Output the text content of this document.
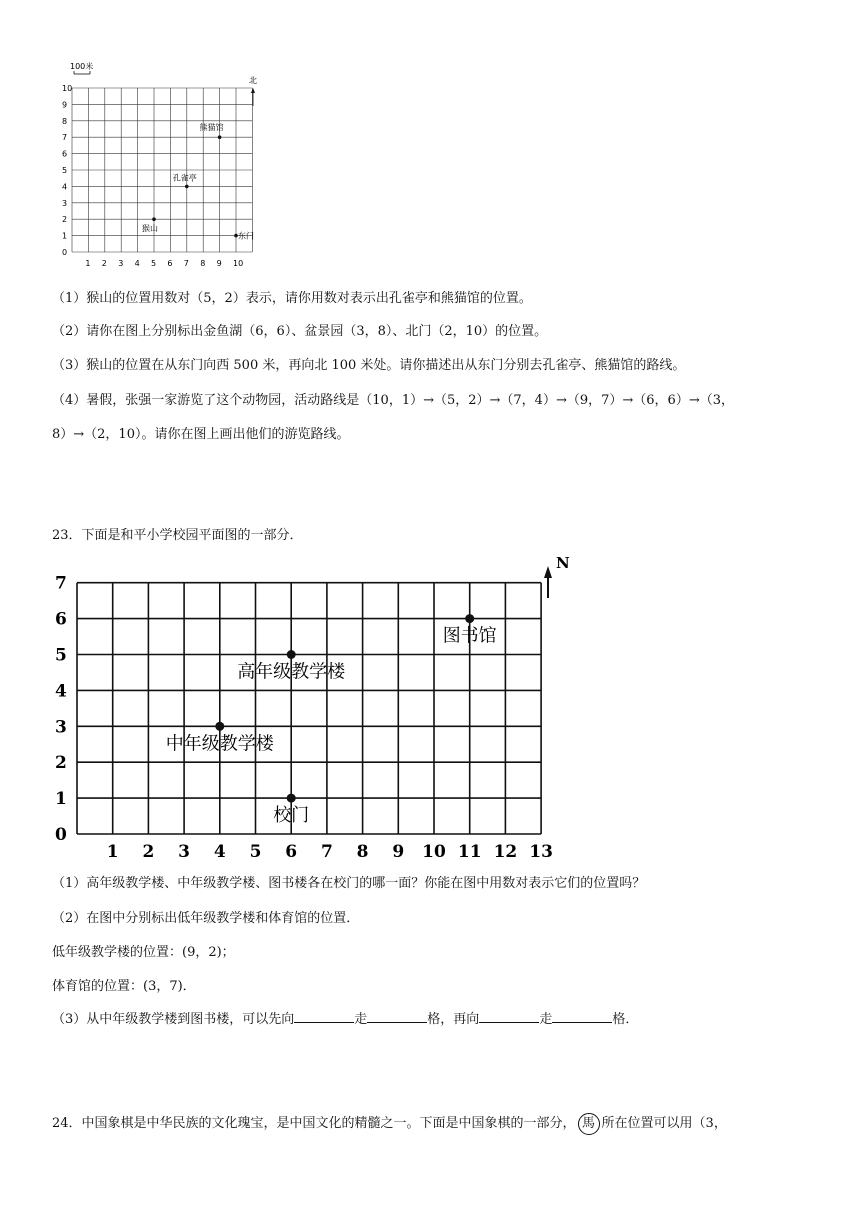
100米
0
1
2
3
4
5
6
7
8
9
10
1 2 3 4 5 6 7 8 9 10
猴山
孔雀亭
熊猫馆
东门
北
（1）猴山的位置用数对（5，2）表示，请你用数对表示出孔雀亭和熊猫馆的位置。
（2）请你在图上分别标出金鱼湖（6，6）、盆景园（3，8）、北门（2，10）的位置。
（3）猴山的位置在从东门向西 500 米，再向北 100 米处。请你描述出从东门分别去孔雀亭、熊猫馆的路线。
（4）暑假，张强一家游览了这个动物园，活动路线是（10，1）→（5，2）→（7，4）→（9，7）→（6，6）→（3，
8）→（2，10）。请你在图上画出他们的游览路线。
23．下面是和平小学校园平面图的一部分．
0
1
2
3
4
5
6
7
1 2 3 4 5 6 7 8 9 10 11 12 13
图书馆
高年级教学楼
中年级教学楼
校门
N
（1）高年级教学楼、中年级教学楼、图书楼各在校门的哪一面？你能在图中用数对表示它们的位置吗？
（2）在图中分别标出低年级教学楼和体育馆的位置．
低年级教学楼的位置：(9，2)；
体育馆的位置：(3，7)．
（3）从中年级教学楼到图书楼，可以先向	走	格，再向	走	格．
24．中国象棋是中华民族的文化瑰宝，是中国文化的精髓之一。下面是中国象棋的一部分， 馬 所在位置可以用（3，
